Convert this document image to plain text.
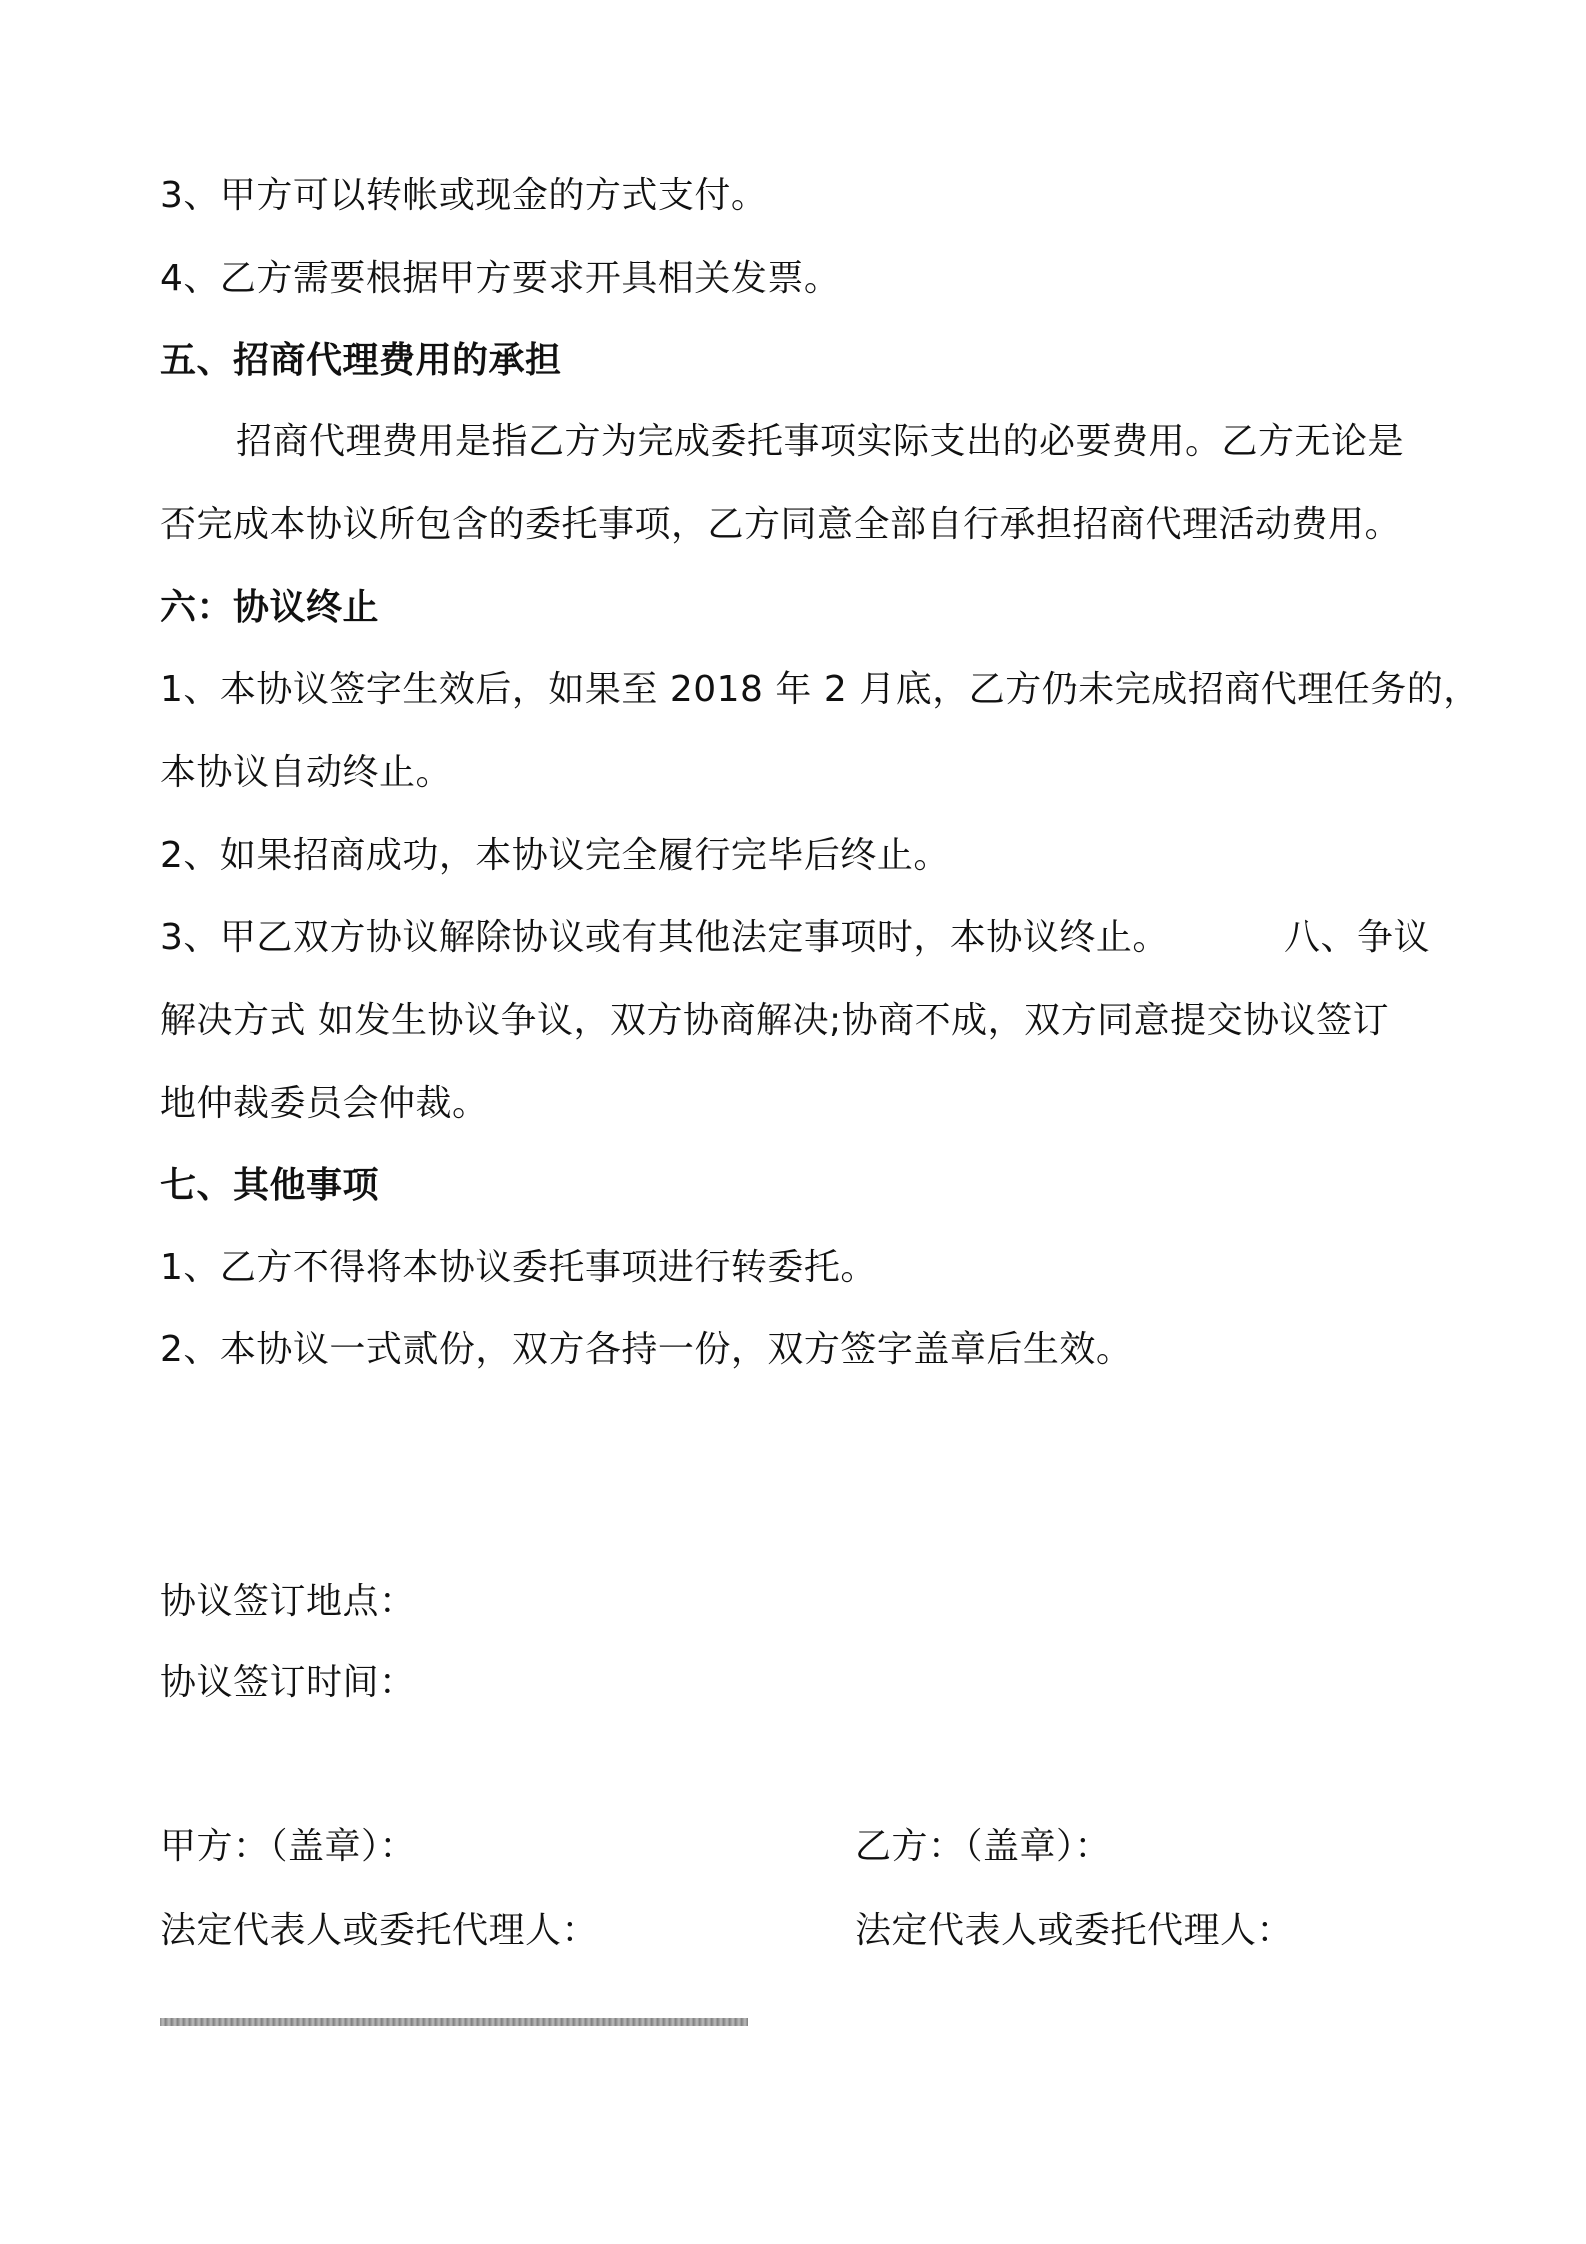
3、甲方可以转帐或现金的方式支付。
4、乙方需要根据甲方要求开具相关发票。
五、招商代理费用的承担
招商代理费用是指乙方为完成委托事项实际支出的必要费用。乙方无论是
否完成本协议所包含的委托事项，乙方同意全部自行承担招商代理活动费用。
六：协议终止
1、本协议签字生效后，如果至 2018 年 2 月底，乙方仍未完成招商代理任务的，
本协议自动终止。
2、如果招商成功，本协议完全履行完毕后终止。
3、甲乙双方协议解除协议或有其他法定事项时，本协议终止。	八、争议
解决方式 如发生协议争议，双方协商解决;协商不成，双方同意提交协议签订
地仲裁委员会仲裁。
七、其他事项
1、乙方不得将本协议委托事项进行转委托。
2、本协议一式贰份，双方各持一份，双方签字盖章后生效。
协议签订地点：
协议签订时间：
甲方：（盖章）：	乙方：（盖章）：
法定代表人或委托代理人：	法定代表人或委托代理人：
